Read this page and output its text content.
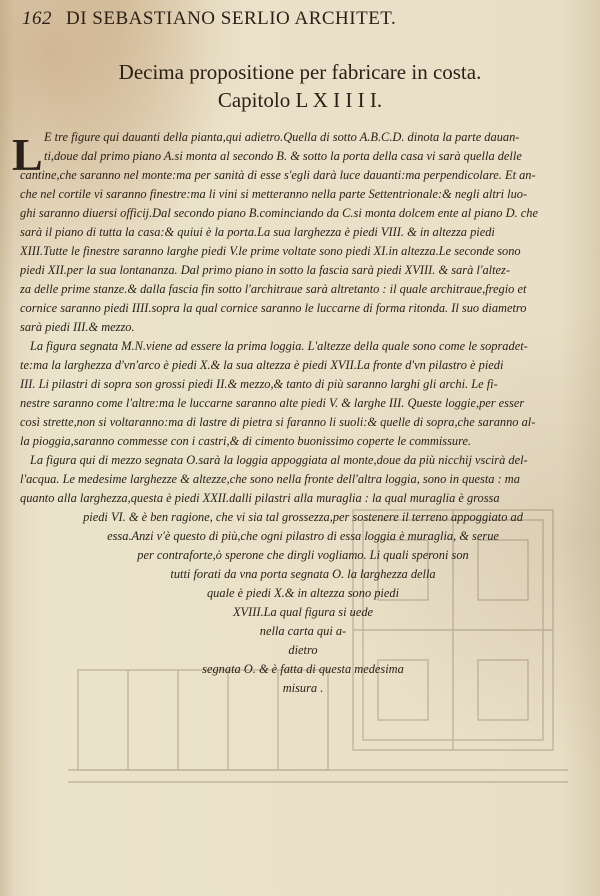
162 DI SEBASTIANO SERLIO ARCHITET.
Decima propositione per fabricare in costa.
Capitolo L X I I I I.
L E tre figure qui dauanti della pianta,qui adietro.Quella di sotto A.B.C.D. dinota la parte dauan-
ti,doue dal primo piano A.si monta al secondo B. & sotto la porta della casa vi sarà quella delle
cantine,che saranno nel monte:ma per sanità di esse s'egli darà luce dauanti:ma perpendicolare. Et an-
che nel cortile vi saranno finestre:ma li vini si metteranno nella parte Settentrionale:& negli altri luo-
ghi saranno diuersi officij.Dal secondo piano B.cominciando da C.si monta dolcem ente al piano D. che
sarà il piano di tutta la casa:& quiui è la porta.La sua larghezza è piedi VIII. & in altezza piedi
XIII.Tutte le finestre saranno larghe piedi V.le prime voltate sono piedi XI.in altezza.Le seconde sono
piedi XII.per la sua lontananza. Dal primo piano in sotto la fascia sarà piedi XVIII. & sarà l'altez-
za delle prime stanze.& dalla fascia fin sotto l'architraue sarà altretanto : il quale architraue,fregio et
cornice saranno piedi IIII.sopra la qual cornice saranno le luccarne di forma ritonda. Il suo diametro
sarà piedi III.& mezzo.
La figura segnata M.N.viene ad essere la prima loggia. L'altezze della quale sono come le sopradet-
te:ma la larghezza d'vn'arco è piedi X.& la sua altezza è piedi XVII.La fronte d'vn pilastro è piedi
III. Li pilastri di sopra son grossi piedi II.& mezzo,& tanto di più saranno larghi gli archi. Le fi-
nestre saranno come l'altre:ma le luccarne saranno alte piedi V. & larghe III. Queste loggie,per esser
così strette,non si voltaranno:ma di lastre di pietra si faranno li suoli:& quelle di sopra,che saranno al-
la pioggia,saranno commesse con i castri,& di cimento buonissimo coperte le commissure.
La figura qui di mezzo segnata O.sarà la loggia appoggiata al monte,doue da più nicchij vscirà del-
l'acqua. Le medesime larghezze & altezze,che sono nella fronte dell'altra loggia, sono in questa : ma
quanto alla larghezza,questa è piedi XXII.dalli pilastri alla muraglia : la qual muraglia è grossa
piedi VI. & è ben ragione, che vi sia tal grossezza,per sostenere il terreno appoggiato ad
essa.Anzi v'è questo di più,che ogni pilastro di essa loggia è muraglia, & serue
per contraforte,ò sperone che dirgli vogliamo. Li quali speroni son
tutti forati da vna porta segnata O. la larghezza della
quale è piedi X.& in altezza sono piedi
XVIII.La qual figura si uede
nella carta qui a-
dietro
segnata O. & è fatta di questa medesima
misura .
